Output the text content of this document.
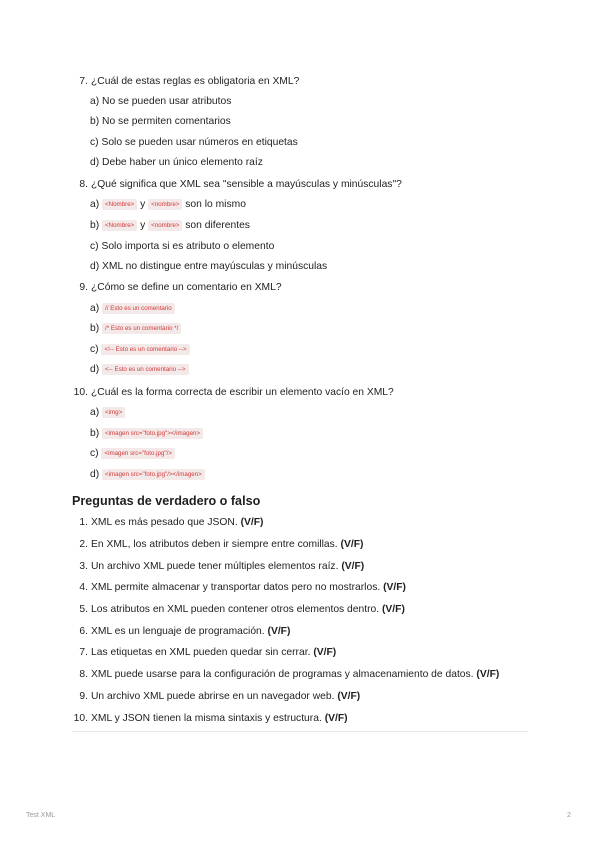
7. ¿Cuál de estas reglas es obligatoria en XML?
a) No se pueden usar atributos
b) No se permiten comentarios
c) Solo se pueden usar números en etiquetas
d) Debe haber un único elemento raíz
8. ¿Qué significa que XML sea "sensible a mayúsculas y minúsculas"?
a) <Nombre> y <nombre> son lo mismo
b) <Nombre> y <nombre> son diferentes
c) Solo importa si es atributo o elemento
d) XML no distingue entre mayúsculas y minúsculas
9. ¿Cómo se define un comentario en XML?
a) // Esto es un comentario
b) /* Esto es un comentario */
c) <!-- Esto es un comentario -->
d) <-- Esto es un comentario -->
10. ¿Cuál es la forma correcta de escribir un elemento vacío en XML?
a) <img>
b) <imagen src="foto.jpg"></imagen>
c) <imagen src="foto.jpg"/>
d) <imagen src="foto.jpg"/></imagen>
Preguntas de verdadero o falso
1. XML es más pesado que JSON. (V/F)
2. En XML, los atributos deben ir siempre entre comillas. (V/F)
3. Un archivo XML puede tener múltiples elementos raíz. (V/F)
4. XML permite almacenar y transportar datos pero no mostrarlos. (V/F)
5. Los atributos en XML pueden contener otros elementos dentro. (V/F)
6. XML es un lenguaje de programación. (V/F)
7. Las etiquetas en XML pueden quedar sin cerrar. (V/F)
8. XML puede usarse para la configuración de programas y almacenamiento de datos. (V/F)
9. Un archivo XML puede abrirse en un navegador web. (V/F)
10. XML y JSON tienen la misma sintaxis y estructura. (V/F)
Test XML	2
